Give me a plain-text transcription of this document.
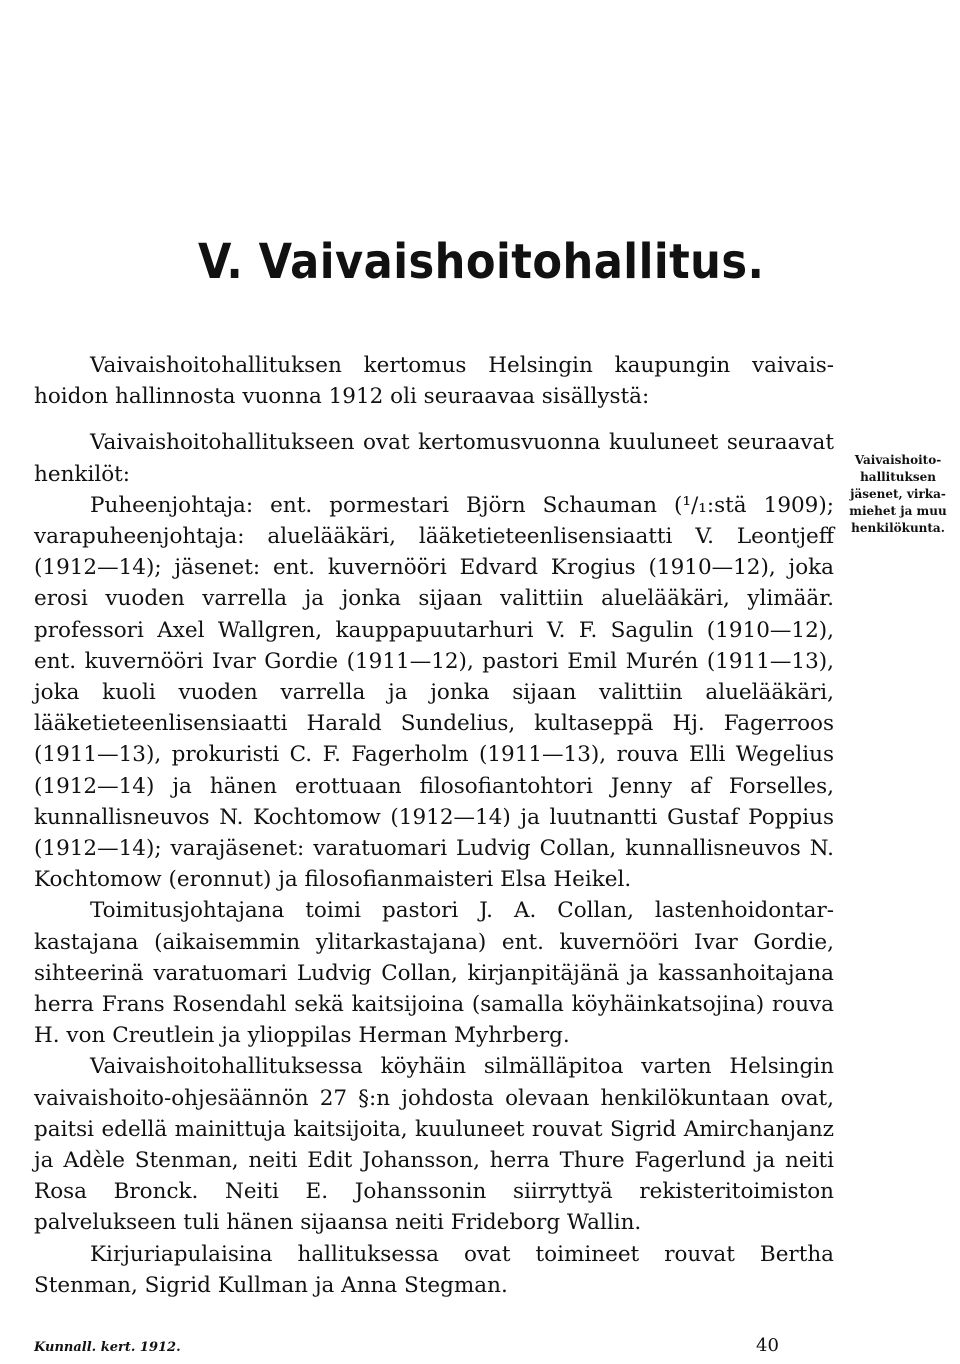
V. Vaivaishoitohallitus.

Vaivaishoitohallituksen kertomus Helsingin kaupungin vaivaishoidon hallinnosta vuonna 1912 oli seuraavaa sisällystä:

Vaivaishoitohallitukseen ovat kertomusvuonna kuuluneet seuraavat henkilöt:

Puheenjohtaja: ent. pormestari Björn Schauman (¹/₁:stä 1909); varapuheenjohtaja: aluelääkäri, lääketieteenlisensiaatti V. Leontjeff (1912—14); jäsenet: ent. kuvernööri Edvard Krogius (1910—12), joka erosi vuoden varrella ja jonka sijaan valittiin aluelääkäri, ylimäär. professori Axel Wallgren, kauppapuutarhuri V. F. Sagulin (1910—12), ent. kuvernööri Ivar Gordie (1911—12), pastori Emil Murén (1911—13), joka kuoli vuoden varrella ja jonka sijaan valittiin aluelääkäri, lääketieteenlisensiaatti Harald Sundelius, kultaseppä Hj. Fagerroos (1911—13), prokuristi C. F. Fagerholm (1911—13), rouva Elli Wegelius (1912—14) ja hänen erottuaan filosofiantohtori Jenny af Forselles, kunnallisneuvos N. Kochtomow (1912—14) ja luutnantti Gustaf Poppius (1912—14); varajäsenet: varatuomari Ludvig Collan, kunnallisneuvos N. Kochtomow (eronnut) ja filosofianmaisteri Elsa Heikel.

Toimitusjohtajana toimi pastori J. A. Collan, lastenhoidontarkastajana (aikaisemmin ylitarkastajana) ent. kuvernööri Ivar Gordie, sihteerinä varatuomari Ludvig Collan, kirjanpitäjänä ja kassanhoitajana herra Frans Rosendahl sekä kaitsijoina (samalla köyhäinkatsojina) rouva H. von Creutlein ja ylioppilas Herman Myhrberg.

Vaivaishoitohallituksessa köyhäin silmälläpitoa varten Helsingin vaivaishoito-ohjesäännön 27 §:n johdosta olevaan henkilökuntaan ovat, paitsi edellä mainittuja kaitsijoita, kuuluneet rouvat Sigrid Amirchanjanz ja Adèle Stenman, neiti Edit Johansson, herra Thure Fagerlund ja neiti Rosa Bronck. Neiti E. Johanssonin siirryttyä rekisteritoimiston palvelukseen tuli hänen sijaansa neiti Frideborg Wallin.

Kirjuriapulaisina hallituksessa ovat toimineet rouvat Bertha Stenman, Sigrid Kullman ja Anna Stegman.

Vaivaishoitohallituksen jäsenet, virkamiehet ja muu henkilökunta.
Kunnall. kert. 1912.	40
